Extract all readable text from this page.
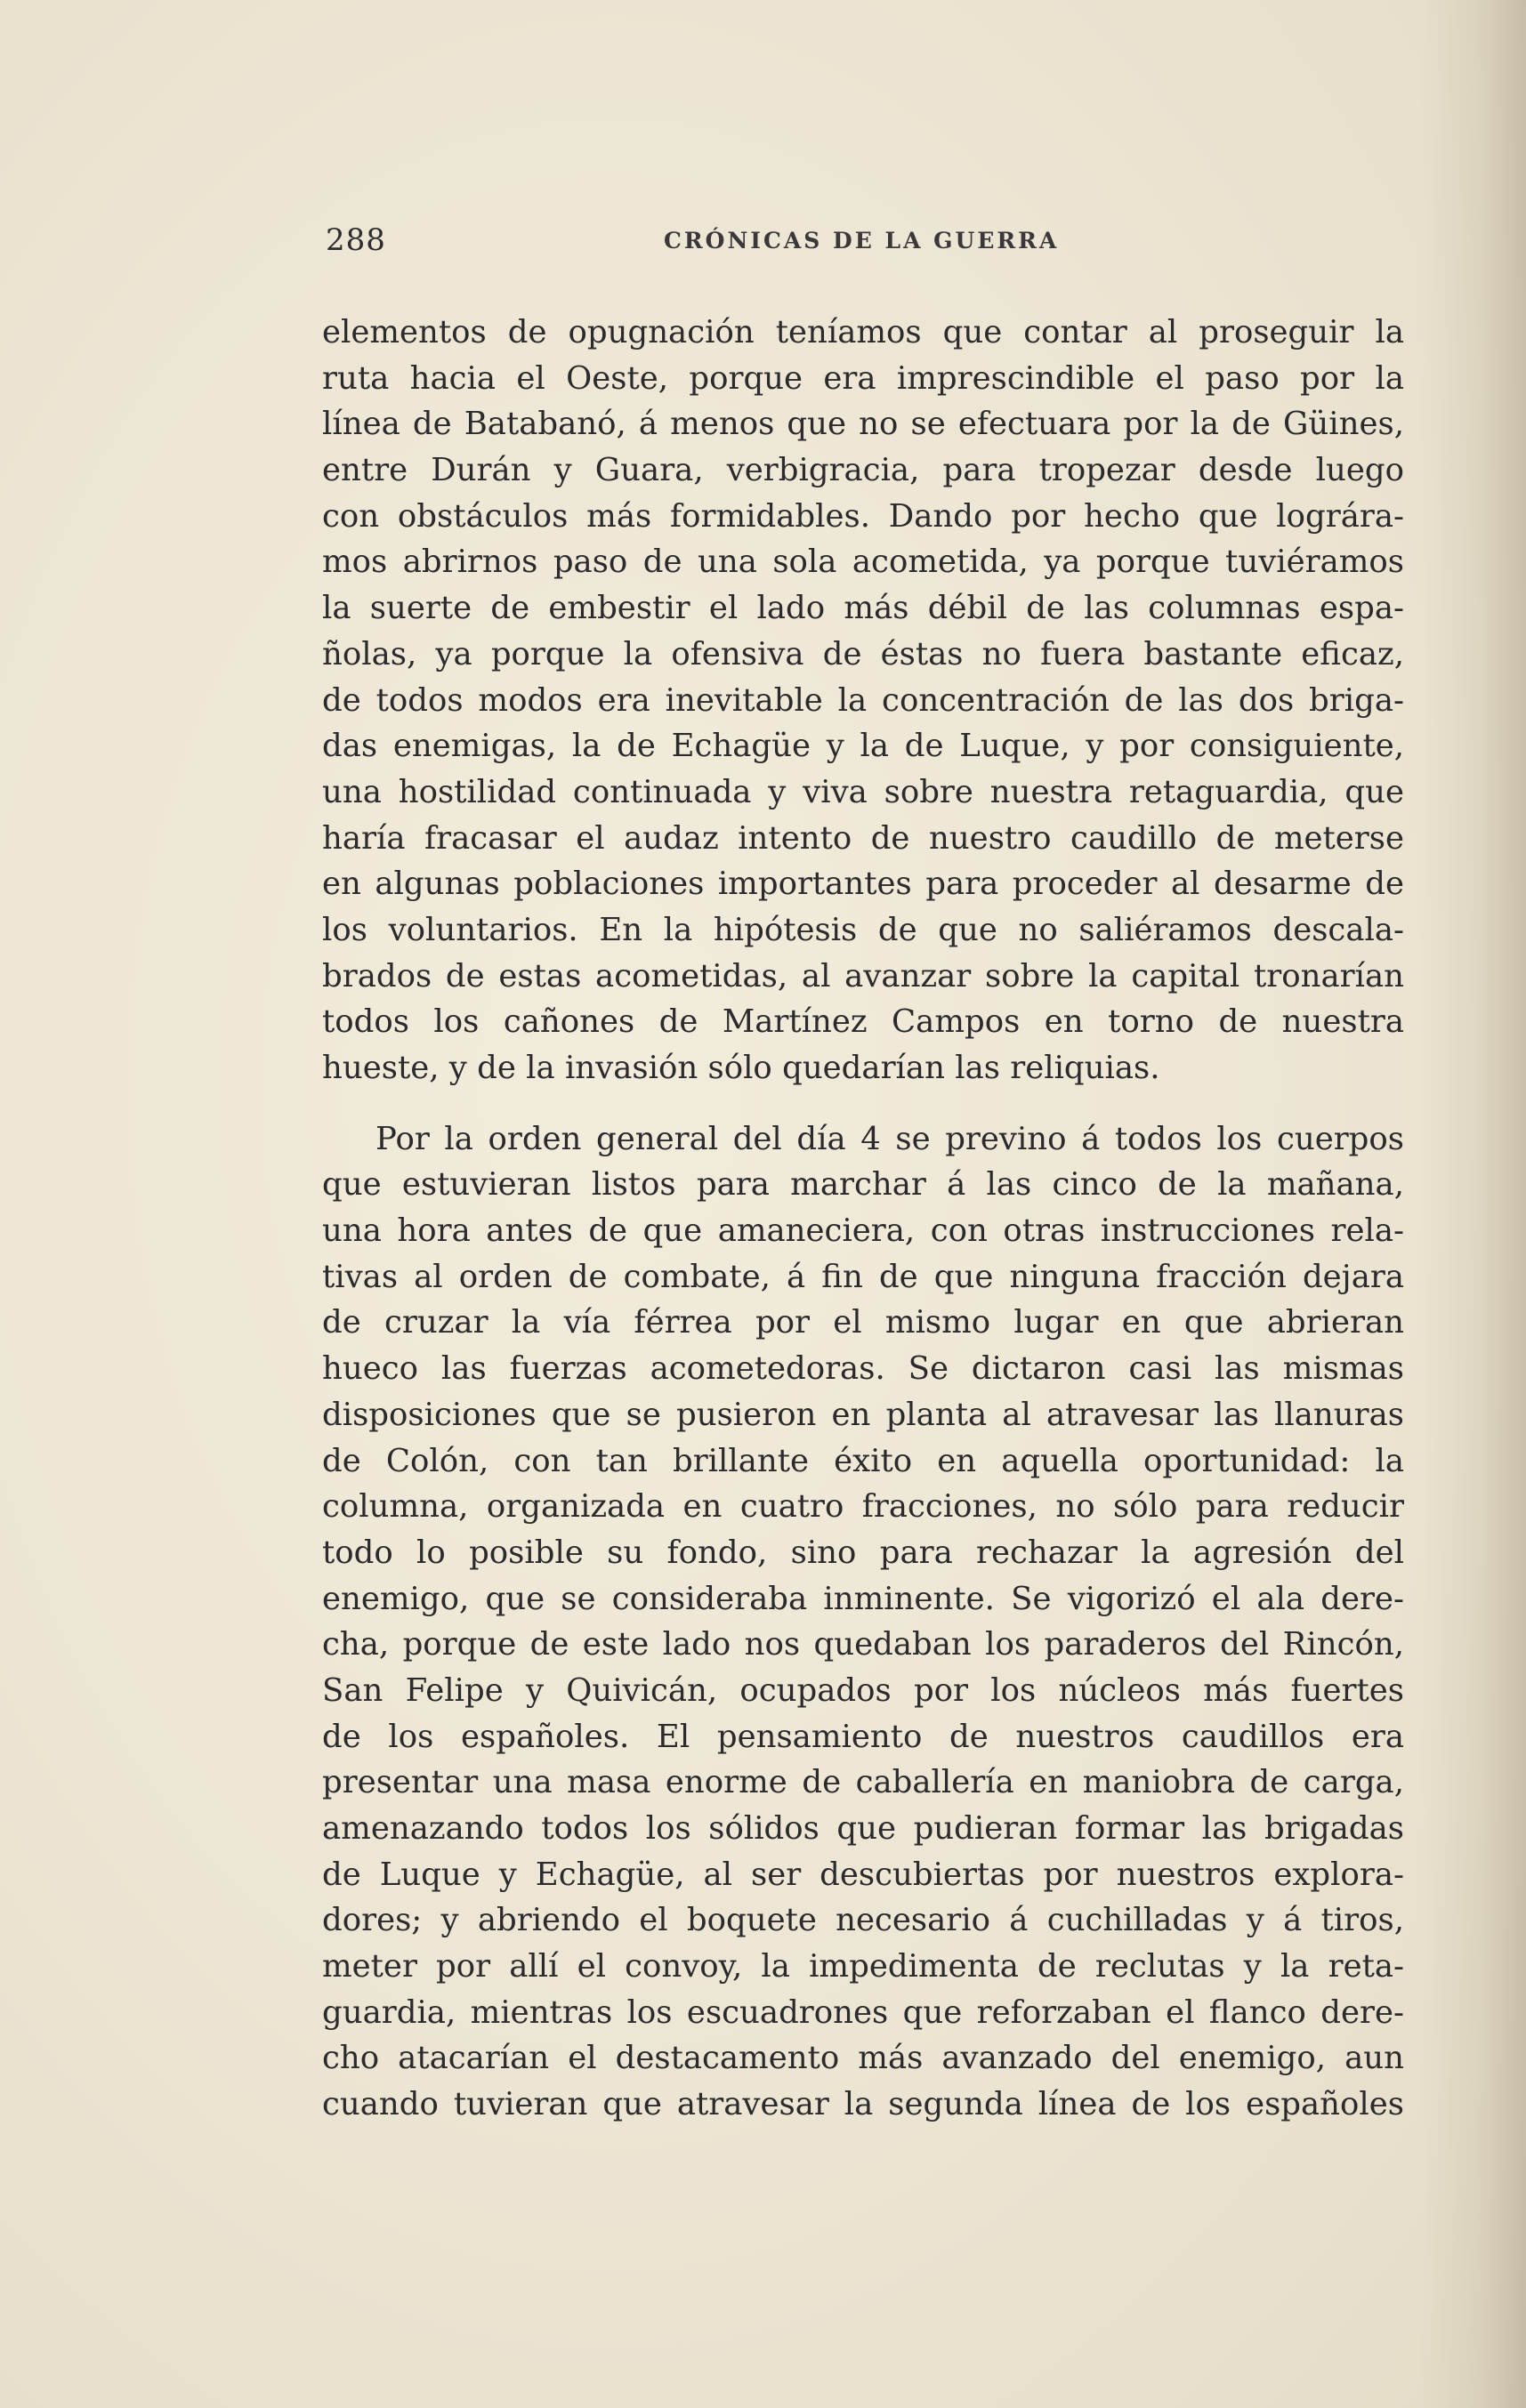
288	CRÓNICAS DE LA GUERRA
elementos de opugnación teníamos que contar al proseguir la
ruta hacia el Oeste, porque era imprescindible el paso por la
línea de Batabanó, á menos que no se efectuara por la de Güines,
entre Durán y Guara, verbigracia, para tropezar desde luego
con obstáculos más formidables. Dando por hecho que lográra-
mos abrirnos paso de una sola acometida, ya porque tuviéramos
la suerte de embestir el lado más débil de las columnas espa-
ñolas, ya porque la ofensiva de éstas no fuera bastante eficaz,
de todos modos era inevitable la concentración de las dos briga-
das enemigas, la de Echagüe y la de Luque, y por consiguiente,
una hostilidad continuada y viva sobre nuestra retaguardia, que
haría fracasar el audaz intento de nuestro caudillo de meterse
en algunas poblaciones importantes para proceder al desarme de
los voluntarios. En la hipótesis de que no saliéramos descala-
brados de estas acometidas, al avanzar sobre la capital tronarían
todos los cañones de Martínez Campos en torno de nuestra
hueste, y de la invasión sólo quedarían las reliquias.
Por la orden general del día 4 se previno á todos los cuerpos
que estuvieran listos para marchar á las cinco de la mañana,
una hora antes de que amaneciera, con otras instrucciones rela-
tivas al orden de combate, á fin de que ninguna fracción dejara
de cruzar la vía férrea por el mismo lugar en que abrieran
hueco las fuerzas acometedoras. Se dictaron casi las mismas
disposiciones que se pusieron en planta al atravesar las llanuras
de Colón, con tan brillante éxito en aquella oportunidad: la
columna, organizada en cuatro fracciones, no sólo para reducir
todo lo posible su fondo, sino para rechazar la agresión del
enemigo, que se consideraba inminente. Se vigorizó el ala dere-
cha, porque de este lado nos quedaban los paraderos del Rincón,
San Felipe y Quivicán, ocupados por los núcleos más fuertes
de los españoles. El pensamiento de nuestros caudillos era
presentar una masa enorme de caballería en maniobra de carga,
amenazando todos los sólidos que pudieran formar las brigadas
de Luque y Echagüe, al ser descubiertas por nuestros explora-
dores; y abriendo el boquete necesario á cuchilladas y á tiros,
meter por allí el convoy, la impedimenta de reclutas y la reta-
guardia, mientras los escuadrones que reforzaban el flanco dere-
cho atacarían el destacamento más avanzado del enemigo, aun
cuando tuvieran que atravesar la segunda línea de los españoles
